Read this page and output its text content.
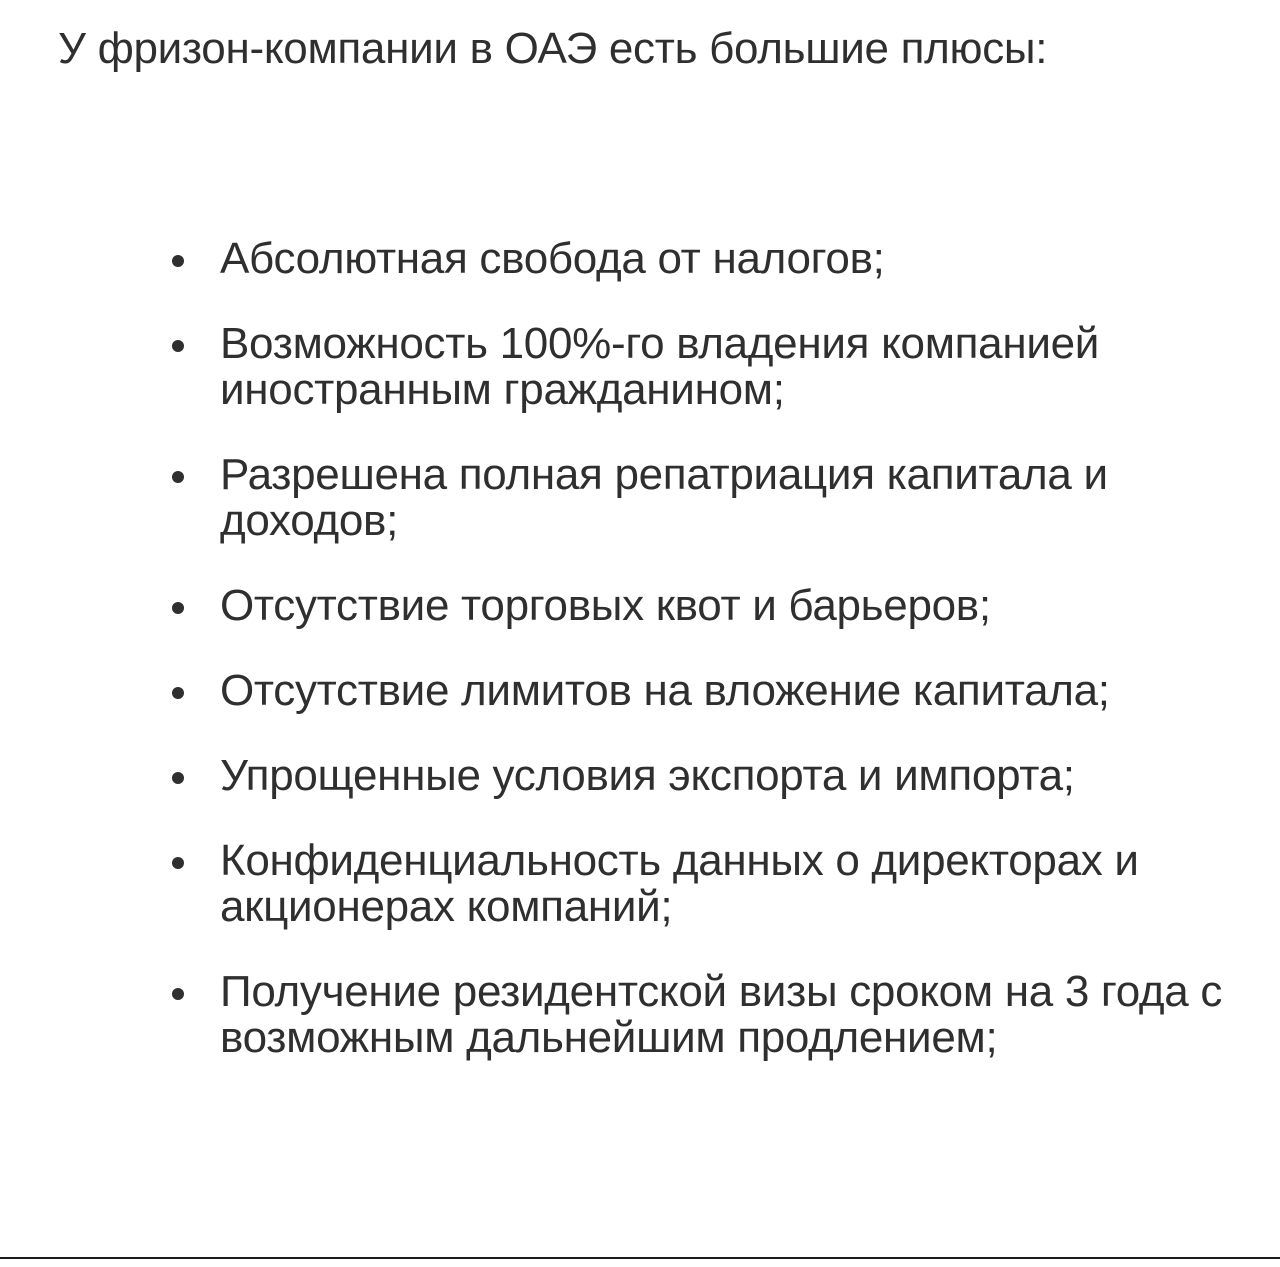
У фризон-компании в ОАЭ есть большие плюсы:

Абсолютная свобода от налогов;
Возможность 100%-го владения компанией иностранным гражданином;
Разрешена полная репатриация капитала и доходов;
Отсутствие торговых квот и барьеров;
Отсутствие лимитов на вложение капитала;
Упрощенные условия экспорта и импорта;
Конфиденциальность данных о директорах и акционерах компаний;
Получение резидентской визы сроком на 3 года с возможным дальнейшим продлением;
